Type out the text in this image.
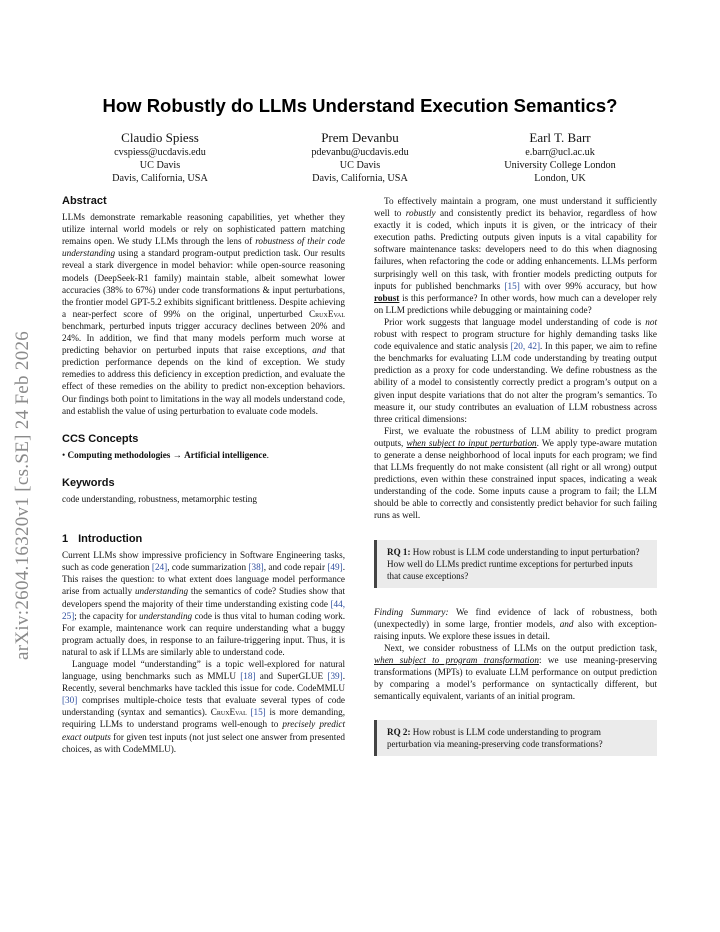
arXiv:2604.16320v1 [cs.SE] 24 Feb 2026
How Robustly do LLMs Understand Execution Semantics?
Claudio Spiess
cvspiess@ucdavis.edu
UC Davis
Davis, California, USA
Prem Devanbu
pdevanbu@ucdavis.edu
UC Davis
Davis, California, USA
Earl T. Barr
e.barr@ucl.ac.uk
University College London
London, UK
Abstract

LLMs demonstrate remarkable reasoning capabilities, yet whether they utilize internal world models or rely on sophisticated pattern matching remains open. We study LLMs through the lens of robustness of their code understanding using a standard program-output prediction task. Our results reveal a stark divergence in model behavior: while open-source reasoning models (DeepSeek-R1 family) maintain stable, albeit somewhat lower accuracies (38% to 67%) under code transformations & input perturbations, the frontier model GPT-5.2 exhibits significant brittleness. Despite achieving a near-perfect score of 99% on the original, unperturbed CruxEval benchmark, perturbed inputs trigger accuracy declines between 20% and 24%. In addition, we find that many models perform much worse at predicting behavior on perturbed inputs that raise exceptions, and that prediction performance depends on the kind of exception. We study remedies to address this deficiency in exception prediction, and evaluate the effect of these remedies on the ability to predict non-exception behaviors. Our findings both point to limitations in the way all models understand code, and establish the value of using perturbation to evaluate code models.

CCS Concepts

• Computing methodologies → Artificial intelligence.

Keywords

code understanding, robustness, metamorphic testing

1 Introduction

Current LLMs show impressive proficiency in Software Engineering tasks, such as code generation [24], code summarization [38], and code repair [49]. This raises the question: to what extent does language model performance arise from actually understanding the semantics of code? Studies show that developers spend the majority of their time understanding existing code [44, 25]; the capacity for understanding code is thus vital to human coding work. For example, maintenance work can require understanding what a buggy program actually does, in response to an failure-triggering input. Thus, it is natural to ask if LLMs are similarly able to understand code.

Language model “understanding” is a topic well-explored for natural language, using benchmarks such as MMLU [18] and SuperGLUE [39]. Recently, several benchmarks have tackled this issue for code. CodeMMLU [30] comprises multiple-choice tests that evaluate several types of code understanding (syntax and semantics). CruxEval [15] is more demanding, requiring LLMs to understand programs well-enough to precisely predict exact outputs for given test inputs (not just select one answer from presented choices, as with CodeMMLU).

To effectively maintain a program, one must understand it sufficiently well to robustly and consistently predict its behavior, regardless of how exactly it is coded, which inputs it is given, or the intricacy of their execution paths. Predicting outputs given inputs is a vital capability for software maintenance tasks: developers need to do this when diagnosing failures, when refactoring the code or adding enhancements. LLMs perform surprisingly well on this task, with frontier models predicting outputs for inputs for published benchmarks [15] with over 99% accuracy, but how robust is this performance? In other words, how much can a developer rely on LLM predictions while debugging or maintaining code?

Prior work suggests that language model understanding of code is not robust with respect to program structure for highly demanding tasks like code equivalence and static analysis [20, 42]. In this paper, we aim to refine the benchmarks for evaluating LLM code understanding by treating output prediction as a proxy for code understanding. We define robustness as the ability of a model to consistently correctly predict a program’s output on a given input despite variations that do not alter the program’s semantics. To measure it, our study contributes an evaluation of LLM robustness across three critical dimensions:

First, we evaluate the robustness of LLM ability to predict program outputs, when subject to input perturbation. We apply type-aware mutation to generate a dense neighborhood of local inputs for each program; we find that LLMs frequently do not make consistent (all right or all wrong) output predictions, even within these constrained input spaces, indicating a weak understanding of the code. Some inputs cause a program to fail; the LLM should be able to correctly and consistently predict behavior for such failing runs as well.

RQ 1: How robust is LLM code understanding to input perturbation? How well do LLMs predict runtime exceptions for perturbed inputs that cause exceptions?

Finding Summary: We find evidence of lack of robustness, both (unexpectedly) in some large, frontier models, and also with exception-raising inputs. We explore these issues in detail.

Next, we consider robustness of LLMs on the output prediction task, when subject to program transformation: we use meaning-preserving transformations (MPTs) to evaluate LLM performance on output prediction by comparing a model’s performance on syntactically different, but semantically equivalent, variants of an initial program.

RQ 2: How robust is LLM code understanding to program perturbation via meaning-preserving code transformations?
